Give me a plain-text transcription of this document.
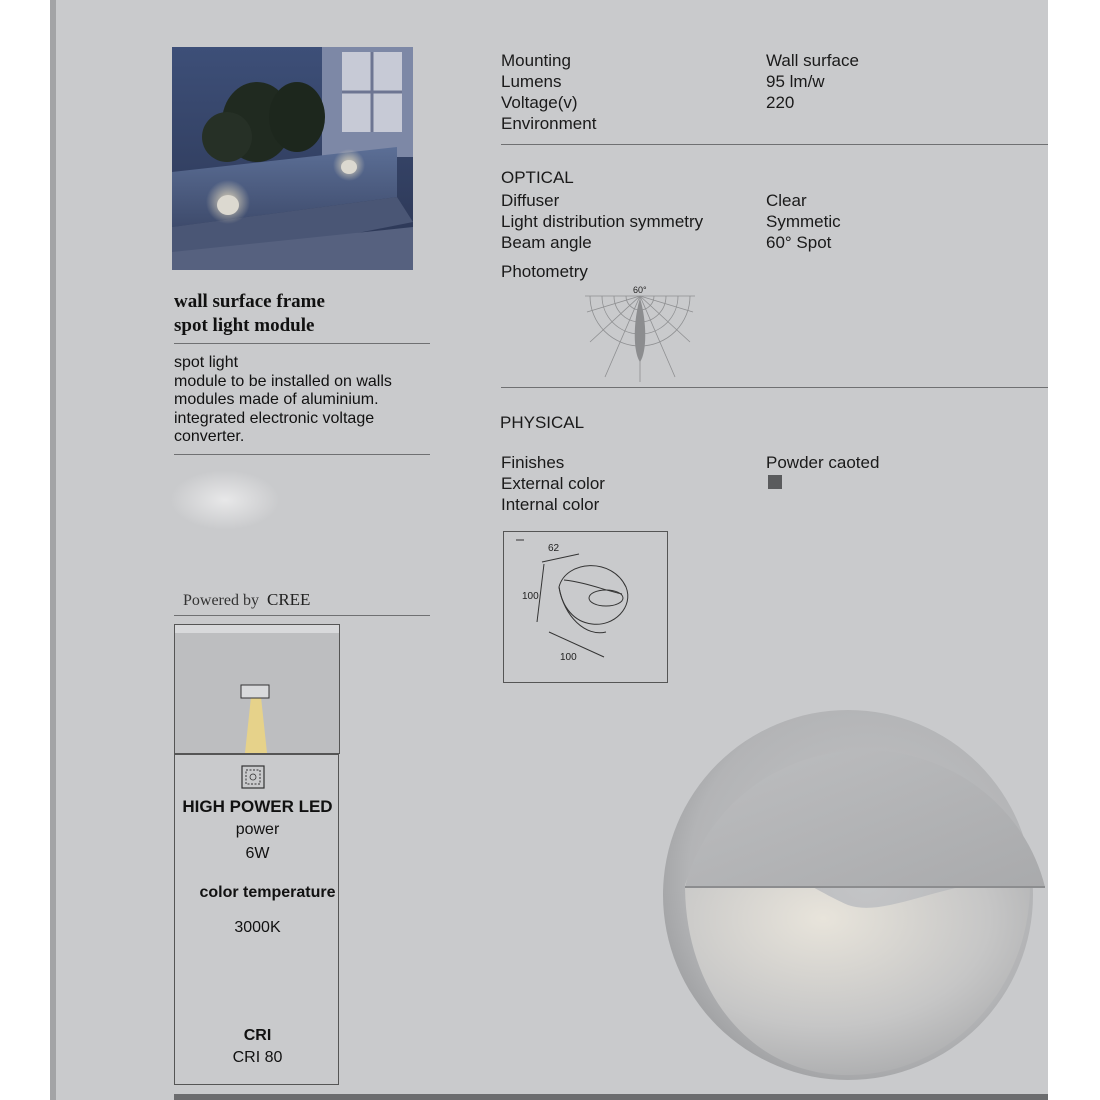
wall surface frame
spot light module
spot light
module to be installed on walls
modules made of aluminium.
integrated electronic voltage
converter.
Powered by CREE
HIGH POWER LED
power
6W
color temperature
3000K
CRI
CRI 80
Mounting	Wall surface
Lumens	95 lm/w
Voltage(v)	220
Environment
OPTICAL
Diffuser	Clear
Light distribution symmetry	Symmetic
Beam angle	60° Spot
Photometry
60°
PHYSICAL
Finishes	Powder caoted
External color
Internal color
62
100
100
